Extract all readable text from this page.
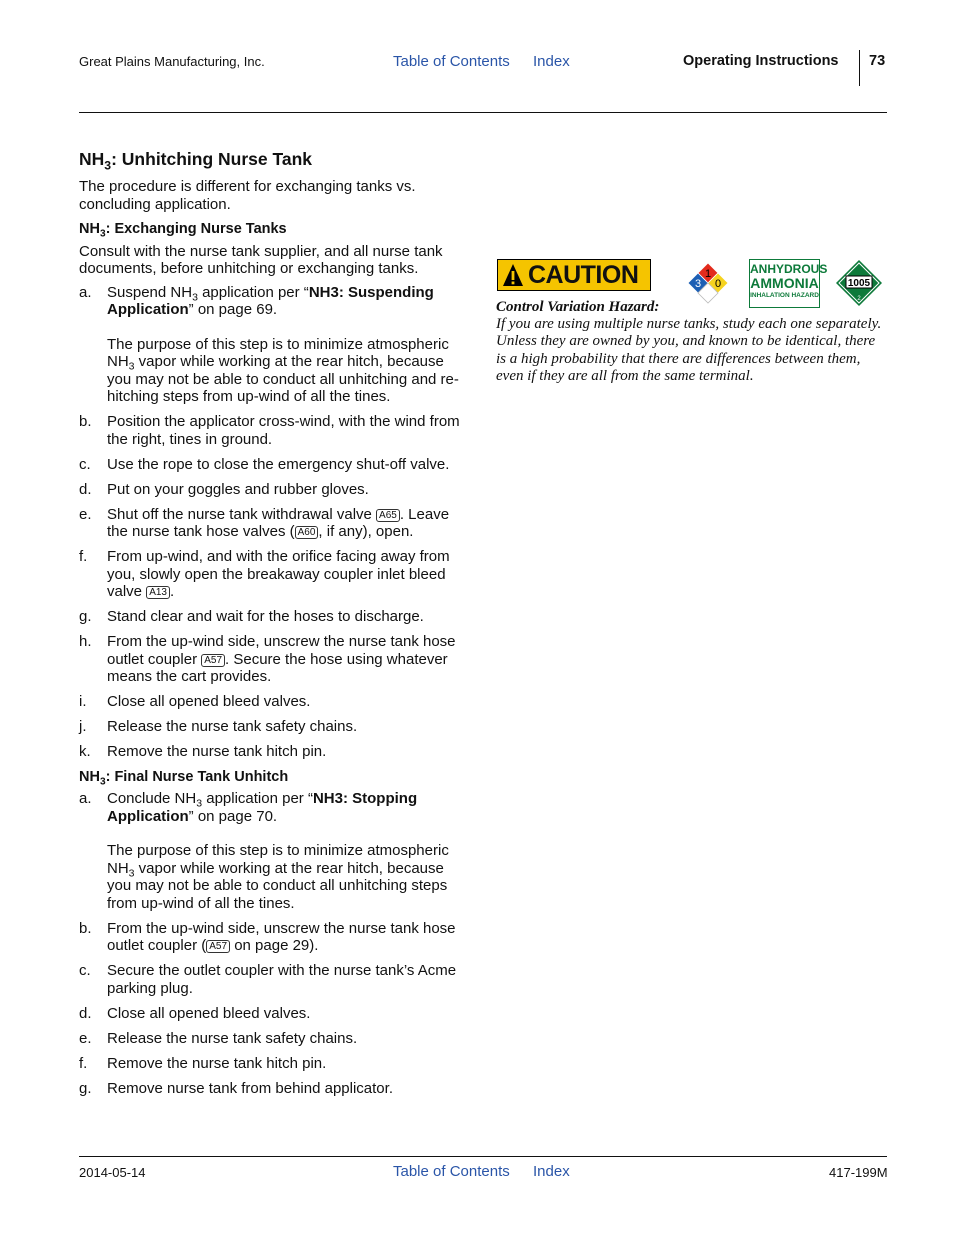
Great Plains Manufacturing, Inc.	Table of Contents Index	Operating Instructions 73
$NH_3$: Unhitching Nurse Tank

The procedure is different for exchanging tanks vs. concluding application.

$NH_3$: Exchanging Nurse Tanks

Consult with the nurse tank supplier, and all nurse tank documents, before unhitching or exchanging tanks.

a. Suspend $NH_3$ application per “NH3: Suspending Application” on page 69.
The purpose of this step is to minimize atmospheric $NH_3$ vapor while working at the rear hitch, because you may not be able to conduct all unhitching and re-hitching steps from up-wind of all the tines.
b. Position the applicator cross-wind, with the wind from the right, tines in ground.
c. Use the rope to close the emergency shut-off valve.
d. Put on your goggles and rubber gloves.
e. Shut off the nurse tank withdrawal valve A65 . Leave the nurse tank hose valves ( A60 , if any), open.
f. From up-wind, and with the orifice facing away from you, slowly open the breakaway coupler inlet bleed valve A13 .
g. Stand clear and wait for the hoses to discharge.
h. From the up-wind side, unscrew the nurse tank hose outlet coupler A57 . Secure the hose using whatever means the cart provides.
i. Close all opened bleed valves.
j. Release the nurse tank safety chains.
k. Remove the nurse tank hitch pin.
$NH_3$: Final Nurse Tank Unhitch
a. Conclude $NH_3$ application per “NH3: Stopping Application” on page 70.
The purpose of this step is to minimize atmospheric $NH_3$ vapor while working at the rear hitch, because you may not be able to conduct all unhitching steps from up-wind of all the tines.
b. From the up-wind side, unscrew the nurse tank hose outlet coupler ( A57 on page 29).
c. Secure the outlet coupler with the nurse tank’s Acme parking plug.
d. Close all opened bleed valves.
e. Release the nurse tank safety chains.
f. Remove the nurse tank hitch pin.
g. Remove nurse tank from behind applicator.
CAUTION	1
3 0
ANHYDROUS
AMMONIA
INHALATION HAZARD
1005
2
Control Variation Hazard:
If you are using multiple nurse tanks, study each one separately. Unless they are owned by you, and known to be identical, there is a high probability that there are differences between them, even if they are all from the same terminal.
2014-05-14	Table of Contents Index	417-199M
